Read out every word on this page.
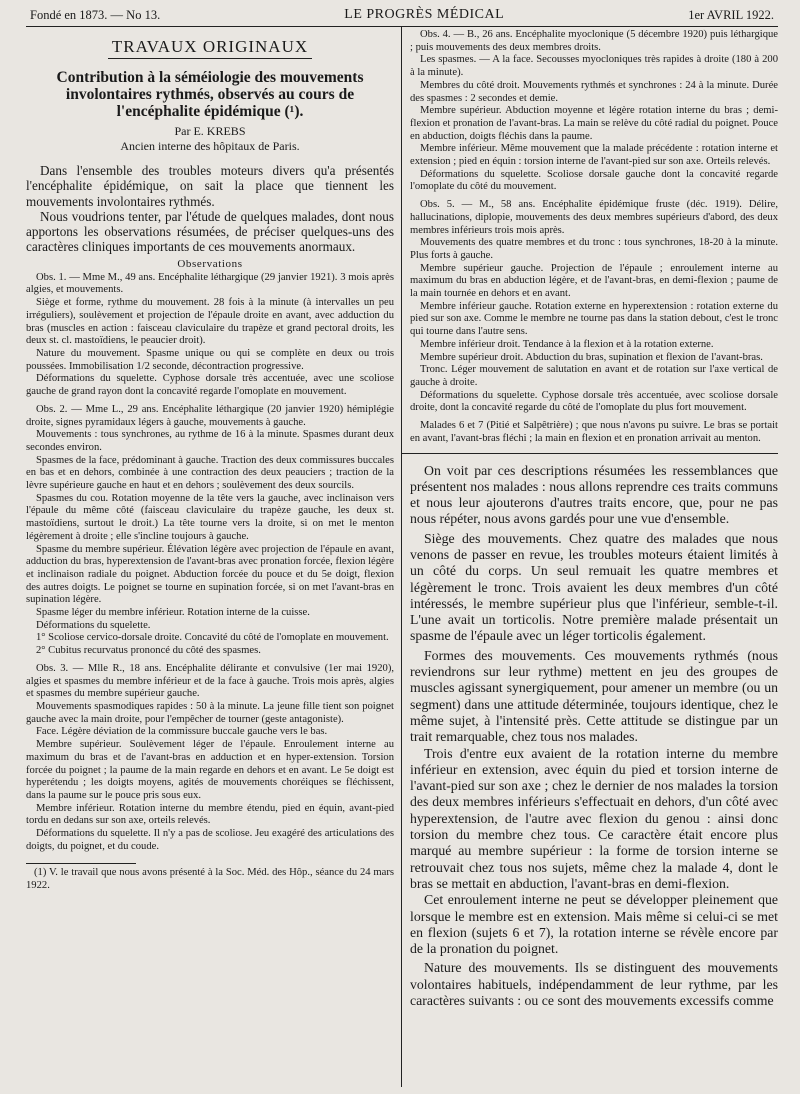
Fondé en 1873. — No 13.	LE PROGRÈS MÉDICAL	1er AVRIL 1922.
TRAVAUX ORIGINAUX
Contribution à la séméiologie des mouvements involontaires rythmés, observés au cours de l'encéphalite épidémique (¹).
Par E. KREBS
Ancien interne des hôpitaux de Paris.

Dans l'ensemble des troubles moteurs divers qu'a présentés l'encéphalite épidémique, on sait la place que tiennent les mouvements involontaires rythmés.

Nous voudrions tenter, par l'étude de quelques malades, dont nous apportons les observations résumées, de préciser quelques-uns des caractères cliniques importants de ces mouvements anormaux.

Observations

Obs. 1. — Mme M., 49 ans. Encéphalite léthargique (29 janvier 1921). 3 mois après algies, et mouvements.

Siège et forme, rythme du mouvement. 28 fois à la minute (à intervalles un peu irréguliers), soulèvement et projection de l'épaule droite en avant, avec adduction du bras (muscles en action : faisceau claviculaire du trapèze et grand pectoral droits, les deux st. cl. mastoïdiens, le peaucier droit).

Nature du mouvement. Spasme unique ou qui se complète en deux ou trois poussées. Immobilisation 1/2 seconde, décontraction progressive.

Déformations du squelette. Cyphose dorsale très accentuée, avec une scoliose gauche de grand rayon dont la concavité regarde l'omoplate en mouvement.

Obs. 2. — Mme L., 29 ans. Encéphalite léthargique (20 janvier 1920) hémiplégie droite, signes pyramidaux légers à gauche, mouvements à gauche.

Mouvements : tous synchrones, au rythme de 16 à la minute. Spasmes durant deux secondes environ.

Spasmes de la face, prédominant à gauche. Traction des deux commissures buccales en bas et en dehors, combinée à une contraction des deux peauciers ; traction de la lèvre supérieure gauche en haut et en dehors ; soulèvement des deux sourcils.

Spasmes du cou. Rotation moyenne de la tête vers la gauche, avec inclinaison vers l'épaule du même côté (faisceau claviculaire du trapèze gauche, les deux st. mastoïdiens, surtout le droit.) La tête tourne vers la droite, si on met le menton légèrement à droite ; elle s'incline toujours à gauche.

Spasme du membre supérieur. Élévation légère avec projection de l'épaule en avant, adduction du bras, hyperextension de l'avant-bras avec pronation forcée, flexion légère et inclinaison radiale du poignet. Abduction forcée du pouce et du 5e doigt, flexion des autres doigts. Le poignet se tourne en supination forcée, si on met l'avant-bras en supination légère.

Spasme léger du membre inférieur. Rotation interne de la cuisse.

Déformations du squelette.

1° Scoliose cervico-dorsale droite. Concavité du côté de l'omoplate en mouvement.

2° Cubitus recurvatus prononcé du côté des spasmes.

Obs. 3. — Mlle R., 18 ans. Encéphalite délirante et convulsive (1er mai 1920), algies et spasmes du membre inférieur et de la face à gauche. Trois mois après, algies et spasmes du membre supérieur gauche.

Mouvements spasmodiques rapides : 50 à la minute. La jeune fille tient son poignet gauche avec la main droite, pour l'empêcher de tourner (geste antagoniste).

Face. Légère déviation de la commissure buccale gauche vers le bas.

Membre supérieur. Soulèvement léger de l'épaule. Enroulement interne au maximum du bras et de l'avant-bras en adduction et en hyper-extension. Torsion forcée du poignet ; la paume de la main regarde en dehors et en avant. Le 5e doigt est hyperétendu ; les doigts moyens, agités de mouvements choréiques se fléchissent, dans la paume sur le pouce pris sous eux.

Membre inférieur. Rotation interne du membre étendu, pied en équin, avant-pied tordu en dedans sur son axe, orteils relevés.

Déformations du squelette. Il n'y a pas de scoliose. Jeu exagéré des articulations des doigts, du poignet, et du coude.

(1) V. le travail que nous avons présenté à la Soc. Méd. des Hôp., séance du 24 mars 1922.

Obs. 4. — B., 26 ans. Encéphalite myoclonique (5 décembre 1920) puis léthargique ; puis mouvements des deux membres droits.

Les spasmes. — A la face. Secousses myocloniques très rapides à droite (180 à 200 à la minute).

Membres du côté droit. Mouvements rythmés et synchrones : 24 à la minute. Durée des spasmes : 2 secondes et demie.

Membre supérieur. Abduction moyenne et légère rotation interne du bras ; demi-flexion et pronation de l'avant-bras. La main se relève du côté radial du poignet. Pouce en abduction, doigts fléchis dans la paume.

Membre inférieur. Même mouvement que la malade précédente : rotation interne et extension ; pied en équin : torsion interne de l'avant-pied sur son axe. Orteils relevés.

Déformations du squelette. Scoliose dorsale gauche dont la concavité regarde l'omoplate du côté du mouvement.

Obs. 5. — M., 58 ans. Encéphalite épidémique fruste (déc. 1919). Délire, hallucinations, diplopie, mouvements des deux membres supérieurs d'abord, des deux membres inférieurs trois mois après.

Mouvements des quatre membres et du tronc : tous synchrones, 18-20 à la minute. Plus forts à gauche.

Membre supérieur gauche. Projection de l'épaule ; enroulement interne au maximum du bras en abduction légère, et de l'avant-bras, en demi-flexion ; paume de la main tournée en dehors et en avant.

Membre inférieur gauche. Rotation externe en hyperextension : rotation externe du pied sur son axe. Comme le membre ne tourne pas dans la station debout, c'est le tronc qui tourne dans l'autre sens.

Membre inférieur droit. Tendance à la flexion et à la rotation externe.

Membre supérieur droit. Abduction du bras, supination et flexion de l'avant-bras.

Tronc. Léger mouvement de salutation en avant et de rotation sur l'axe vertical de gauche à droite.

Déformations du squelette. Cyphose dorsale très accentuée, avec scoliose dorsale droite, dont la concavité regarde du côté de l'omoplate du plus fort mouvement.

Malades 6 et 7 (Pitié et Salpêtrière) ; que nous n'avons pu suivre. Le bras se portait en avant, l'avant-bras fléchi ; la main en flexion et en pronation arrivait au menton.

On voit par ces descriptions résumées les ressemblances que présentent nos malades : nous allons reprendre ces traits communs et nous leur ajouterons d'autres traits encore, que, pour ne pas nous répéter, nous avons gardés pour une vue d'ensemble.

Siège des mouvements. Chez quatre des malades que nous venons de passer en revue, les troubles moteurs étaient limités à un côté du corps. Un seul remuait les quatre membres et légèrement le tronc. Trois avaient les deux membres d'un côté intéressés, le membre supérieur plus que l'inférieur, semble-t-il. L'une avait un torticolis. Notre première malade présentait un spasme de l'épaule avec un léger torticolis également.

Formes des mouvements. Ces mouvements rythmés (nous reviendrons sur leur rythme) mettent en jeu des groupes de muscles agissant synergiquement, pour amener un membre (ou un segment) dans une attitude déterminée, toujours identique, chez le même sujet, à l'intensité près. Cette attitude se distingue par un trait remarquable, chez tous nos malades.

Trois d'entre eux avaient de la rotation interne du membre inférieur en extension, avec équin du pied et torsion interne de l'avant-pied sur son axe ; chez le dernier de nos malades la torsion des deux membres inférieurs s'effectuait en dehors, d'un côté avec hyperextension, de l'autre avec flexion du genou : ainsi donc torsion du membre chez tous. Ce caractère était encore plus marqué au membre supérieur : la forme de torsion interne se retrouvait chez tous nos sujets, même chez la malade 4, dont le bras se mettait en abduction, l'avant-bras en demi-flexion.

Cet enroulement interne ne peut se développer pleinement que lorsque le membre est en extension. Mais même si celui-ci se met en flexion (sujets 6 et 7), la rotation interne se révèle encore par de la pronation du poignet.

Nature des mouvements. Ils se distinguent des mouvements volontaires habituels, indépendamment de leur rythme, par les caractères suivants : ou ce sont des mouvements excessifs comme
